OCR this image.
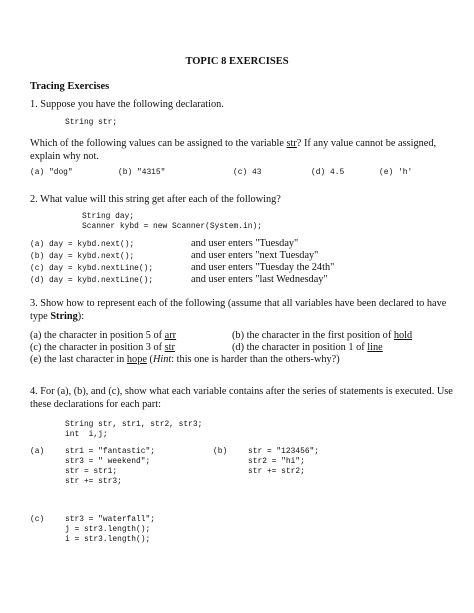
TOPIC 8 EXERCISES
Tracing Exercises
1. Suppose you have the following declaration.
String str;
Which of the following values can be assigned to the variable str? If any value cannot be assigned, explain why not.
(a) "dog"	(b) "4315"	(c) 43	(d) 4.5	(e) 'h'
2. What value will this string get after each of the following?
String day;
Scanner kybd = new Scanner(System.in);
(a) day = kybd.next();	and user enters "Tuesday"
(b) day = kybd.next();	and user enters "next Tuesday"
(c) day = kybd.nextLine();	and user enters "Tuesday the 24th"
(d) day = kybd.nextLine();	and user enters "last Wednesday"
3. Show how to represent each of the following (assume that all variables have been declared to have type String):
(a) the character in position 5 of arr	(b) the character in the first position of hold
(c) the character in position 3 of str	(d) the character in position 1 of line
(e) the last character in hope (Hint: this one is harder than the others-why?)
4. For (a), (b), and (c), show what each variable contains after the series of statements is executed. Use these declarations for each part:
String str, str1, str2, str3;
int  i,j;
(a)	str1 = "fantastic";
str3 = " weekend";
str = str1;
str += str3;
(b)	str = "123456";
str2 = "hi";
str += str2;
(c)	str3 = "waterfall";
j = str3.length();
i = str3.length();
